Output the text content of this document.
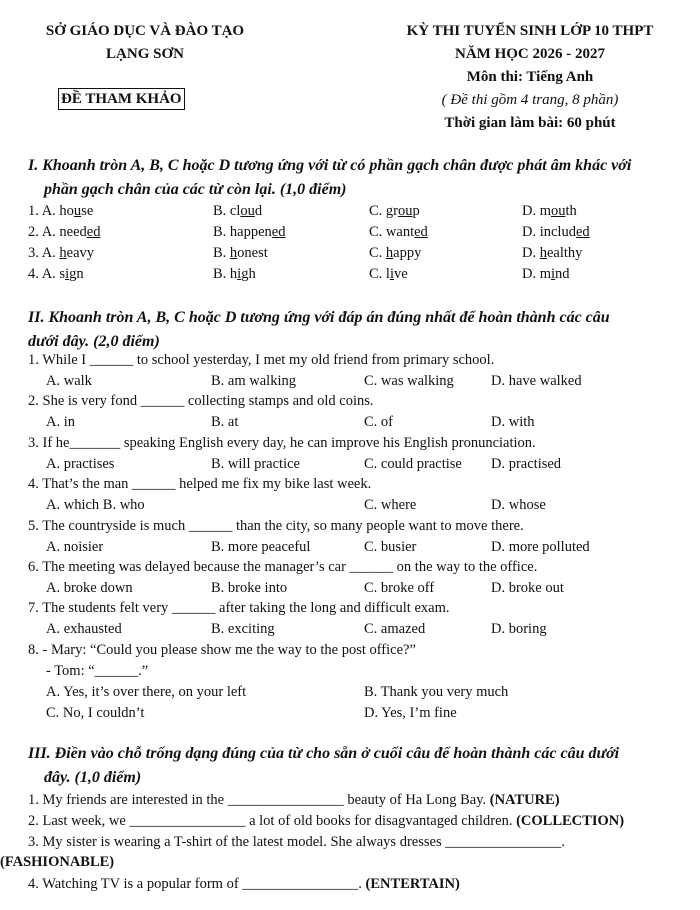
SỞ GIÁO DỤC VÀ ĐÀO TẠO
LẠNG SƠN
ĐỀ THAM KHẢO
KỲ THI TUYỂN SINH LỚP 10 THPT
NĂM HỌC 2026 - 2027
Môn thi: Tiếng Anh
( Đề thi gồm 4 trang, 8 phần)
Thời gian làm bài: 60 phút
I. Khoanh tròn A, B, C hoặc D tương ứng với từ có phần gạch chân được phát âm khác với
phần gạch chân của các từ còn lại. (1,0 điểm)
1. A. house	B. cloud	C. group	D. mouth
2. A. needed	B. happened	C. wanted	D. included
3. A. heavy	B. honest	C. happy	D. healthy
4. A. sign	B. high	C. live	D. mind
II. Khoanh tròn A, B, C hoặc D tương ứng với đáp án đúng nhất để hoàn thành các câu
dưới đây. (2,0 điểm)
1. While I ______ to school yesterday, I met my old friend from primary school.
A. walk	B. am walking	C. was walking	D. have walked
2. She is very fond ______ collecting stamps and old coins.
A. in	B. at	C. of	D. with
3. If he_______ speaking English every day, he can improve his English pronunciation.
A. practises	B. will practice	C. could practise D. practised
4. That’s the man ______ helped me fix my bike last week.
A. which B. who	C. where	D. whose
5. The countryside is much ______ than the city, so many people want to move there.
A. noisier	B. more peaceful	C. busier	D. more polluted
6. The meeting was delayed because the manager’s car ______ on the way to the office.
A. broke down	B. broke into	C. broke off	D. broke out
7. The students felt very ______ after taking the long and difficult exam.
A. exhausted	B. exciting	C. amazed	D. boring
8. - Mary: “Could you please show me the way to the post office?”
- Tom: “______.”
A. Yes, it’s over there, on your left	B. Thank you very much
C. No, I couldn’t	D. Yes, I’m fine
III. Điền vào chỗ trống dạng đúng của từ cho sẵn ở cuối câu để hoàn thành các câu dưới
đây. (1,0 điểm)
1. My friends are interested in the ________________ beauty of Ha Long Bay. (NATURE)
2. Last week, we ________________ a lot of old books for disagvantaged children. (COLLECTION)
3. My sister is wearing a T-shirt of the latest model. She always dresses ________________.
(FASHIONABLE)
4. Watching TV is a popular form of ________________. (ENTERTAIN)
